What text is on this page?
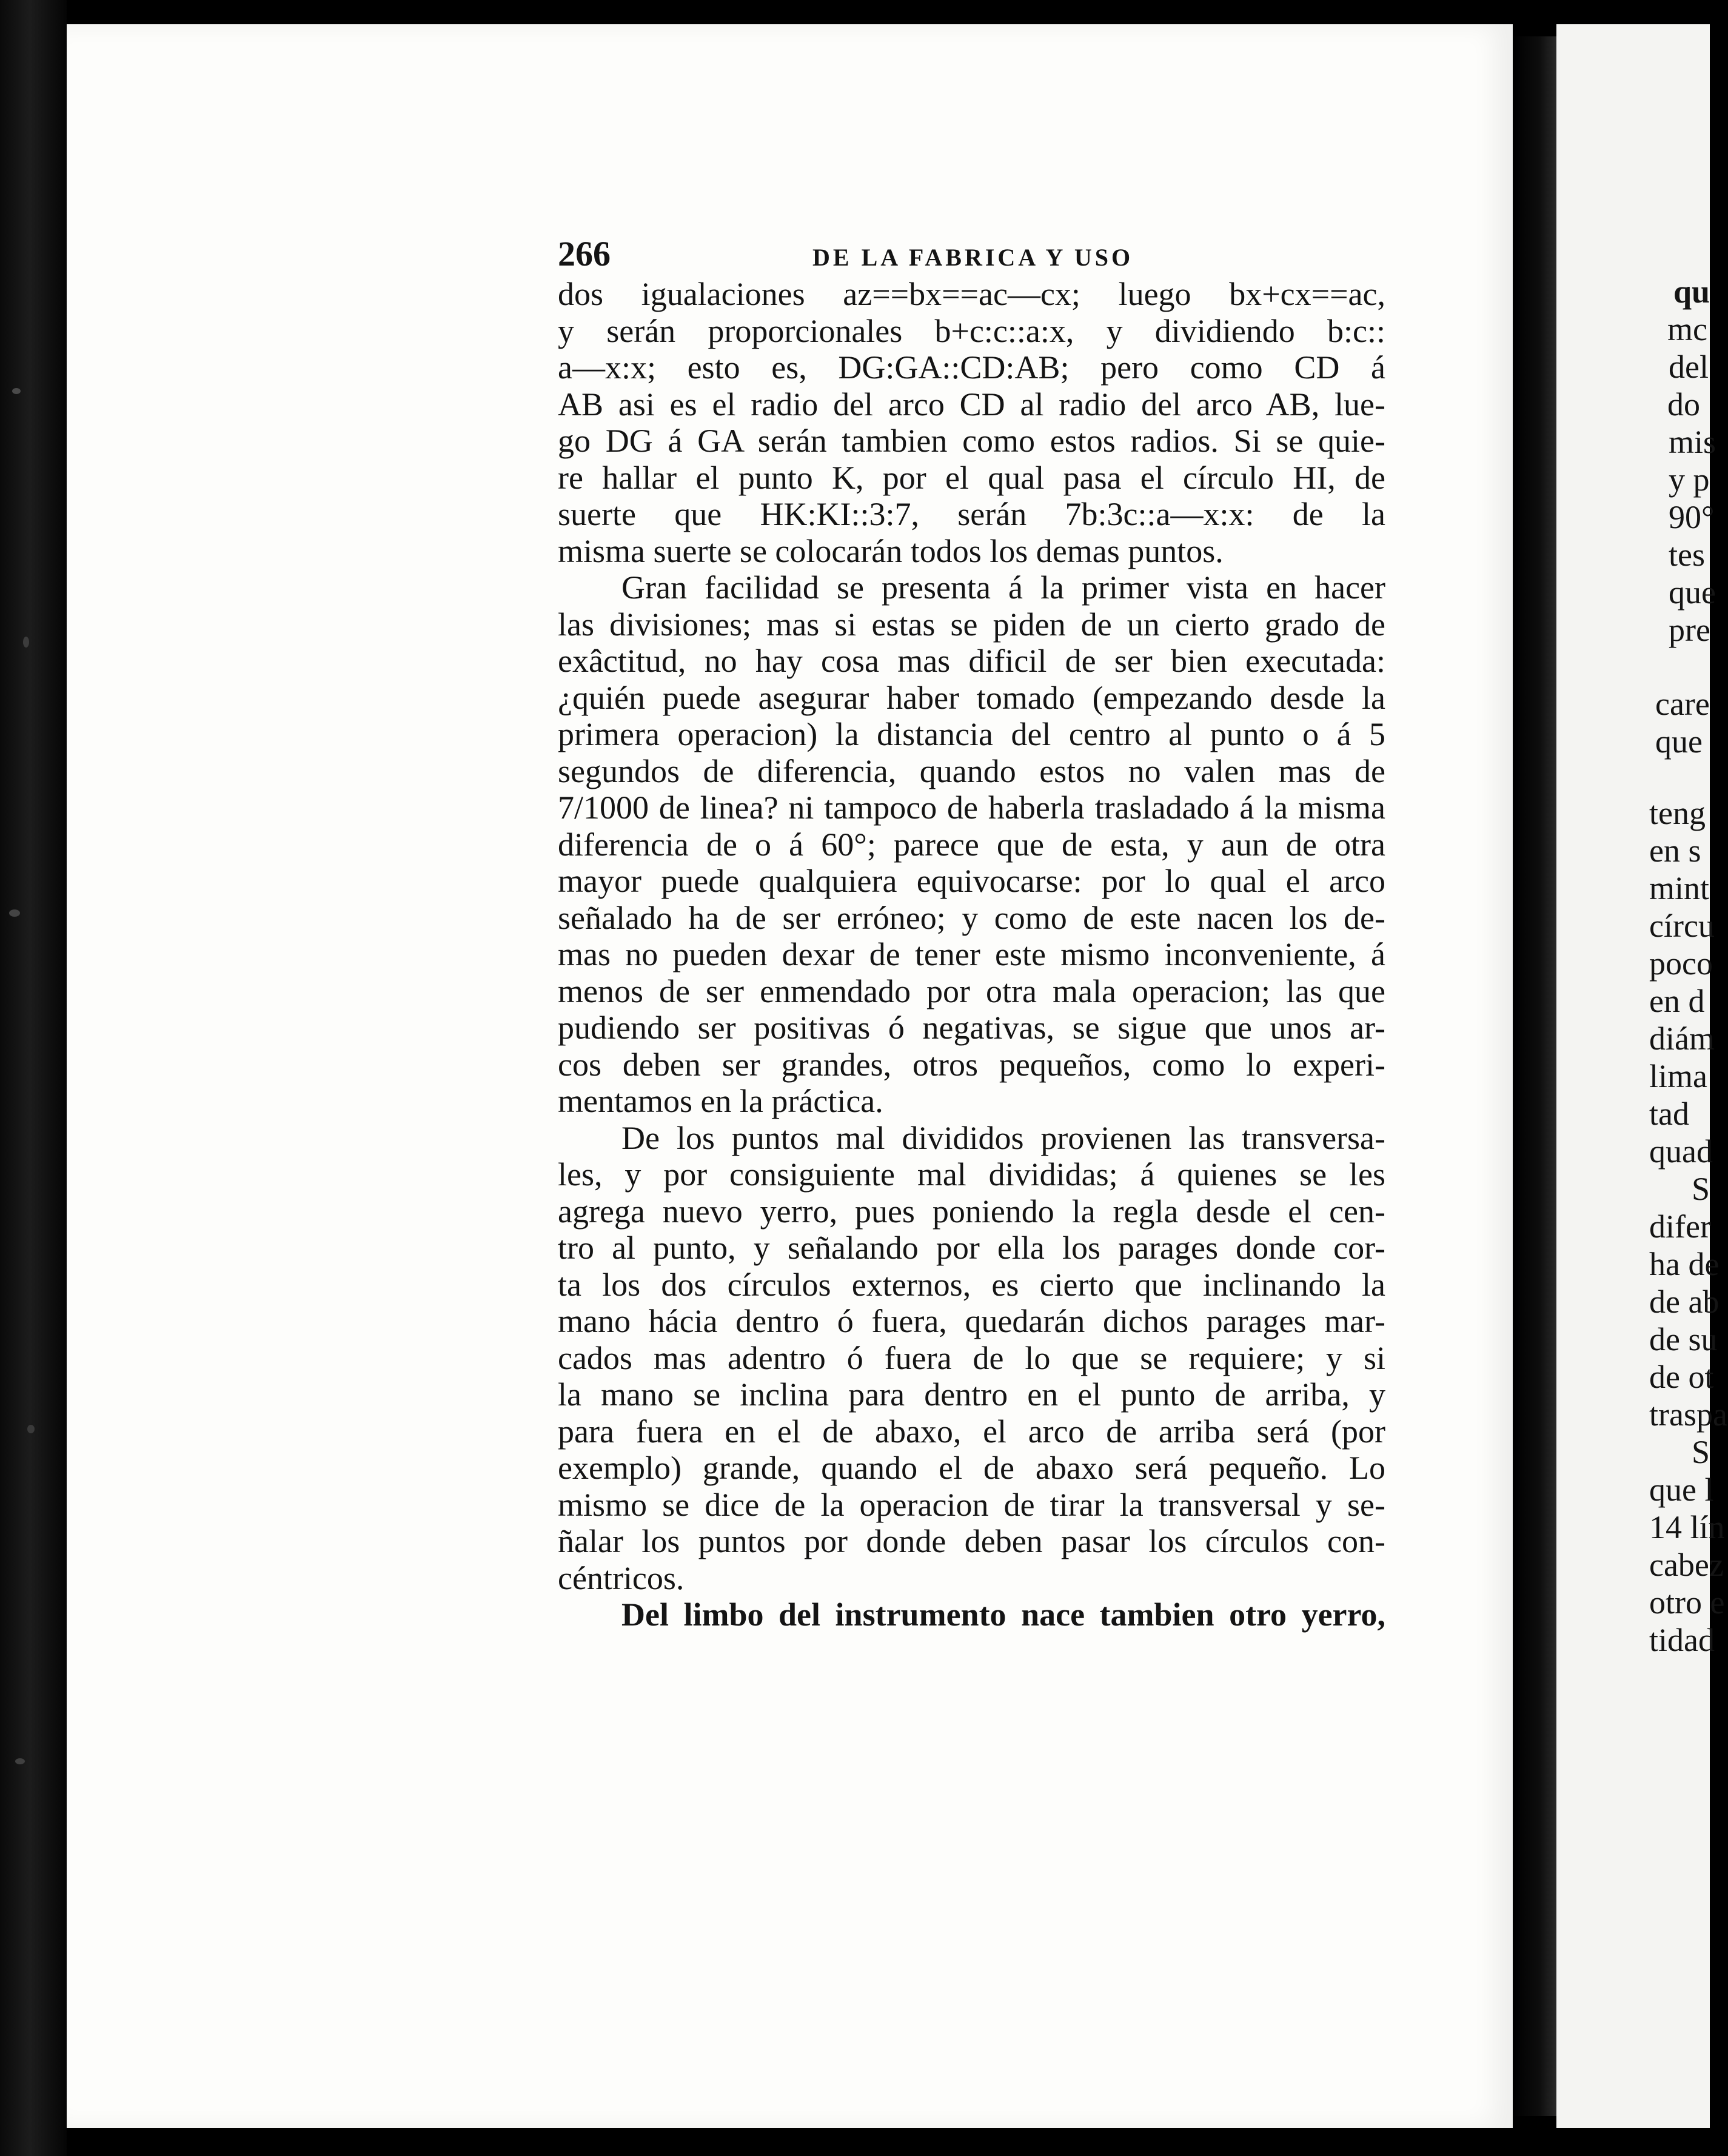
266	DE LA FABRICA Y USO
dos igualaciones az==bx==ac—cx; luego bx+cx==ac,
y serán proporcionales b+c:c::a:x, y dividiendo b:c::
a—x:x; esto es, DG:GA::CD:AB; pero como CD á
AB asi es el radio del arco CD al radio del arco AB, lue-
go DG á GA serán tambien como estos radios. Si se quie-
re hallar el punto K, por el qual pasa el círculo HI, de
suerte que HK:KI::3:7, serán 7b:3c::a—x:x: de la
misma suerte se colocarán todos los demas puntos.
Gran facilidad se presenta á la primer vista en hacer
las divisiones; mas si estas se piden de un cierto grado de
exâctitud, no hay cosa mas dificil de ser bien executada:
¿quién puede asegurar haber tomado (empezando desde la
primera operacion) la distancia del centro al punto o á 5
segundos de diferencia, quando estos no valen mas de
7/1000 de linea? ni tampoco de haberla trasladado á la misma
diferencia de o á 60°; parece que de esta, y aun de otra
mayor puede qualquiera equivocarse: por lo qual el arco
señalado ha de ser erróneo; y como de este nacen los de-
mas no pueden dexar de tener este mismo inconveniente, á
menos de ser enmendado por otra mala operacion; las que
pudiendo ser positivas ó negativas, se sigue que unos ar-
cos deben ser grandes, otros pequeños, como lo experi-
mentamos en la práctica.
De los puntos mal divididos provienen las transversa-
les, y por consiguiente mal divididas; á quienes se les
agrega nuevo yerro, pues poniendo la regla desde el cen-
tro al punto, y señalando por ella los parages donde cor-
ta los dos círculos externos, es cierto que inclinando la
mano hácia dentro ó fuera, quedarán dichos parages mar-
cados mas adentro ó fuera de lo que se requiere; y si
la mano se inclina para dentro en el punto de arriba, y
para fuera en el de abaxo, el arco de arriba será (por
exemplo) grande, quando el de abaxo será pequeño. Lo
mismo se dice de la operacion de tirar la transversal y se-
ñalar los puntos por donde deben pasar los círculos con-
céntricos.
Del limbo del instrumento nace tambien otro yerro,
qu
mc
del
do
mis
y p
90°
tes
que
pre
care
que
teng
en s
mint
círcu
poco
en d
diám
lima
tad
quad
S
difer
ha de
de ab
de su
de ot
traspa
S
que l
14 lín
cabez
otro e
tidad
